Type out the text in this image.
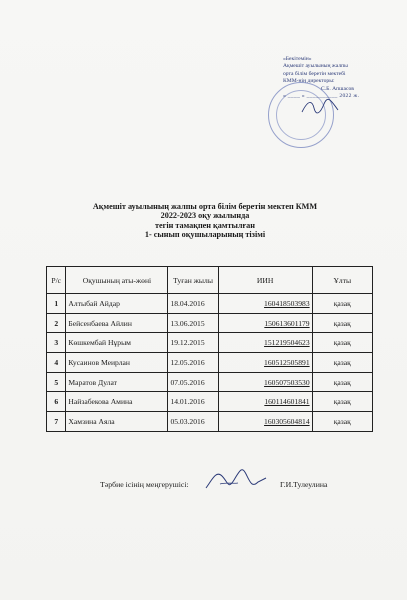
«Бекітемін»
Ақмешіт ауылының жалпы
орта білім беретін мектебі
КММ-нің директоры:
С.Б. Апшасов
« ____ » __________ 2022 ж.
Ақмешіт ауылының жалпы орта білім беретін мектеп КММ
2022-2023 оқу жылында
тегін тамақпен қамтылған
1- сынып оқушыларының тізімі
Р/с	Оқушының аты-жөні	Туған жылы	ИИН	Ұлты
1	Алтыбай Айдар	18.04.2016	160418503983	қазақ
2	Бейсенбаева Айлин	13.06.2015	150613601179	қазақ
3	Көшкембай Нұрым	19.12.2015	151219504623	қазақ
4	Кусаинов Меирлан	12.05.2016	160512505891	қазақ
5	Маратов Дулат	07.05.2016	160507503530	қазақ
6	Найзабекова Амина	14.01.2016	160114601841	қазақ
7	Хамзина Аяла	05.03.2016	160305604814	қазақ
Тәрбие ісінің меңгерушісі:	Г.И.Тулеулина
